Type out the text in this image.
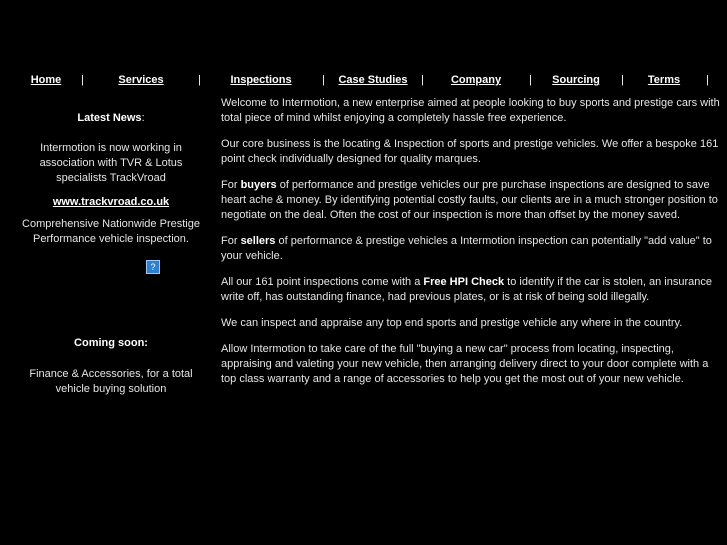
Home |	Services	|	Inspections	| Case Studies | Company	| Sourcing | Terms |

Latest News:

Intermotion is now working in association with TVR & Lotus specialists TrackVroad

www.trackvroad.co.uk

Comprehensive Nationwide Prestige Performance vehicle inspection.

?

Coming soon:

Finance & Accessories, for a total vehicle buying solution

Welcome to Intermotion, a new enterprise aimed at people looking to buy sports and prestige cars with total piece of mind whilst enjoying a completely hassle free experience.

Our core business is the locating & Inspection of sports and prestige vehicles. We offer a bespoke 161 point check individually designed for quality marques.

For buyers of performance and prestige vehicles our pre purchase inspections are designed to save heart ache & money. By identifying potential costly faults, our clients are in a much stronger position to negotiate on the deal. Often the cost of our inspection is more than offset by the money saved.

For sellers of performance & prestige vehicles a Intermotion inspection can potentially "add value" to your vehicle.

All our 161 point inspections come with a Free HPI Check to identify if the car is stolen, an insurance write off, has outstanding finance, had previous plates, or is at risk of being sold illegally.

We can inspect and appraise any top end sports and prestige vehicle any where in the country.

Allow Intermotion to take care of the full "buying a new car" process from locating, inspecting, appraising and valeting your new vehicle, then arranging delivery direct to your door complete with a top class warranty and a range of accessories to help you get the most out of your new vehicle.
